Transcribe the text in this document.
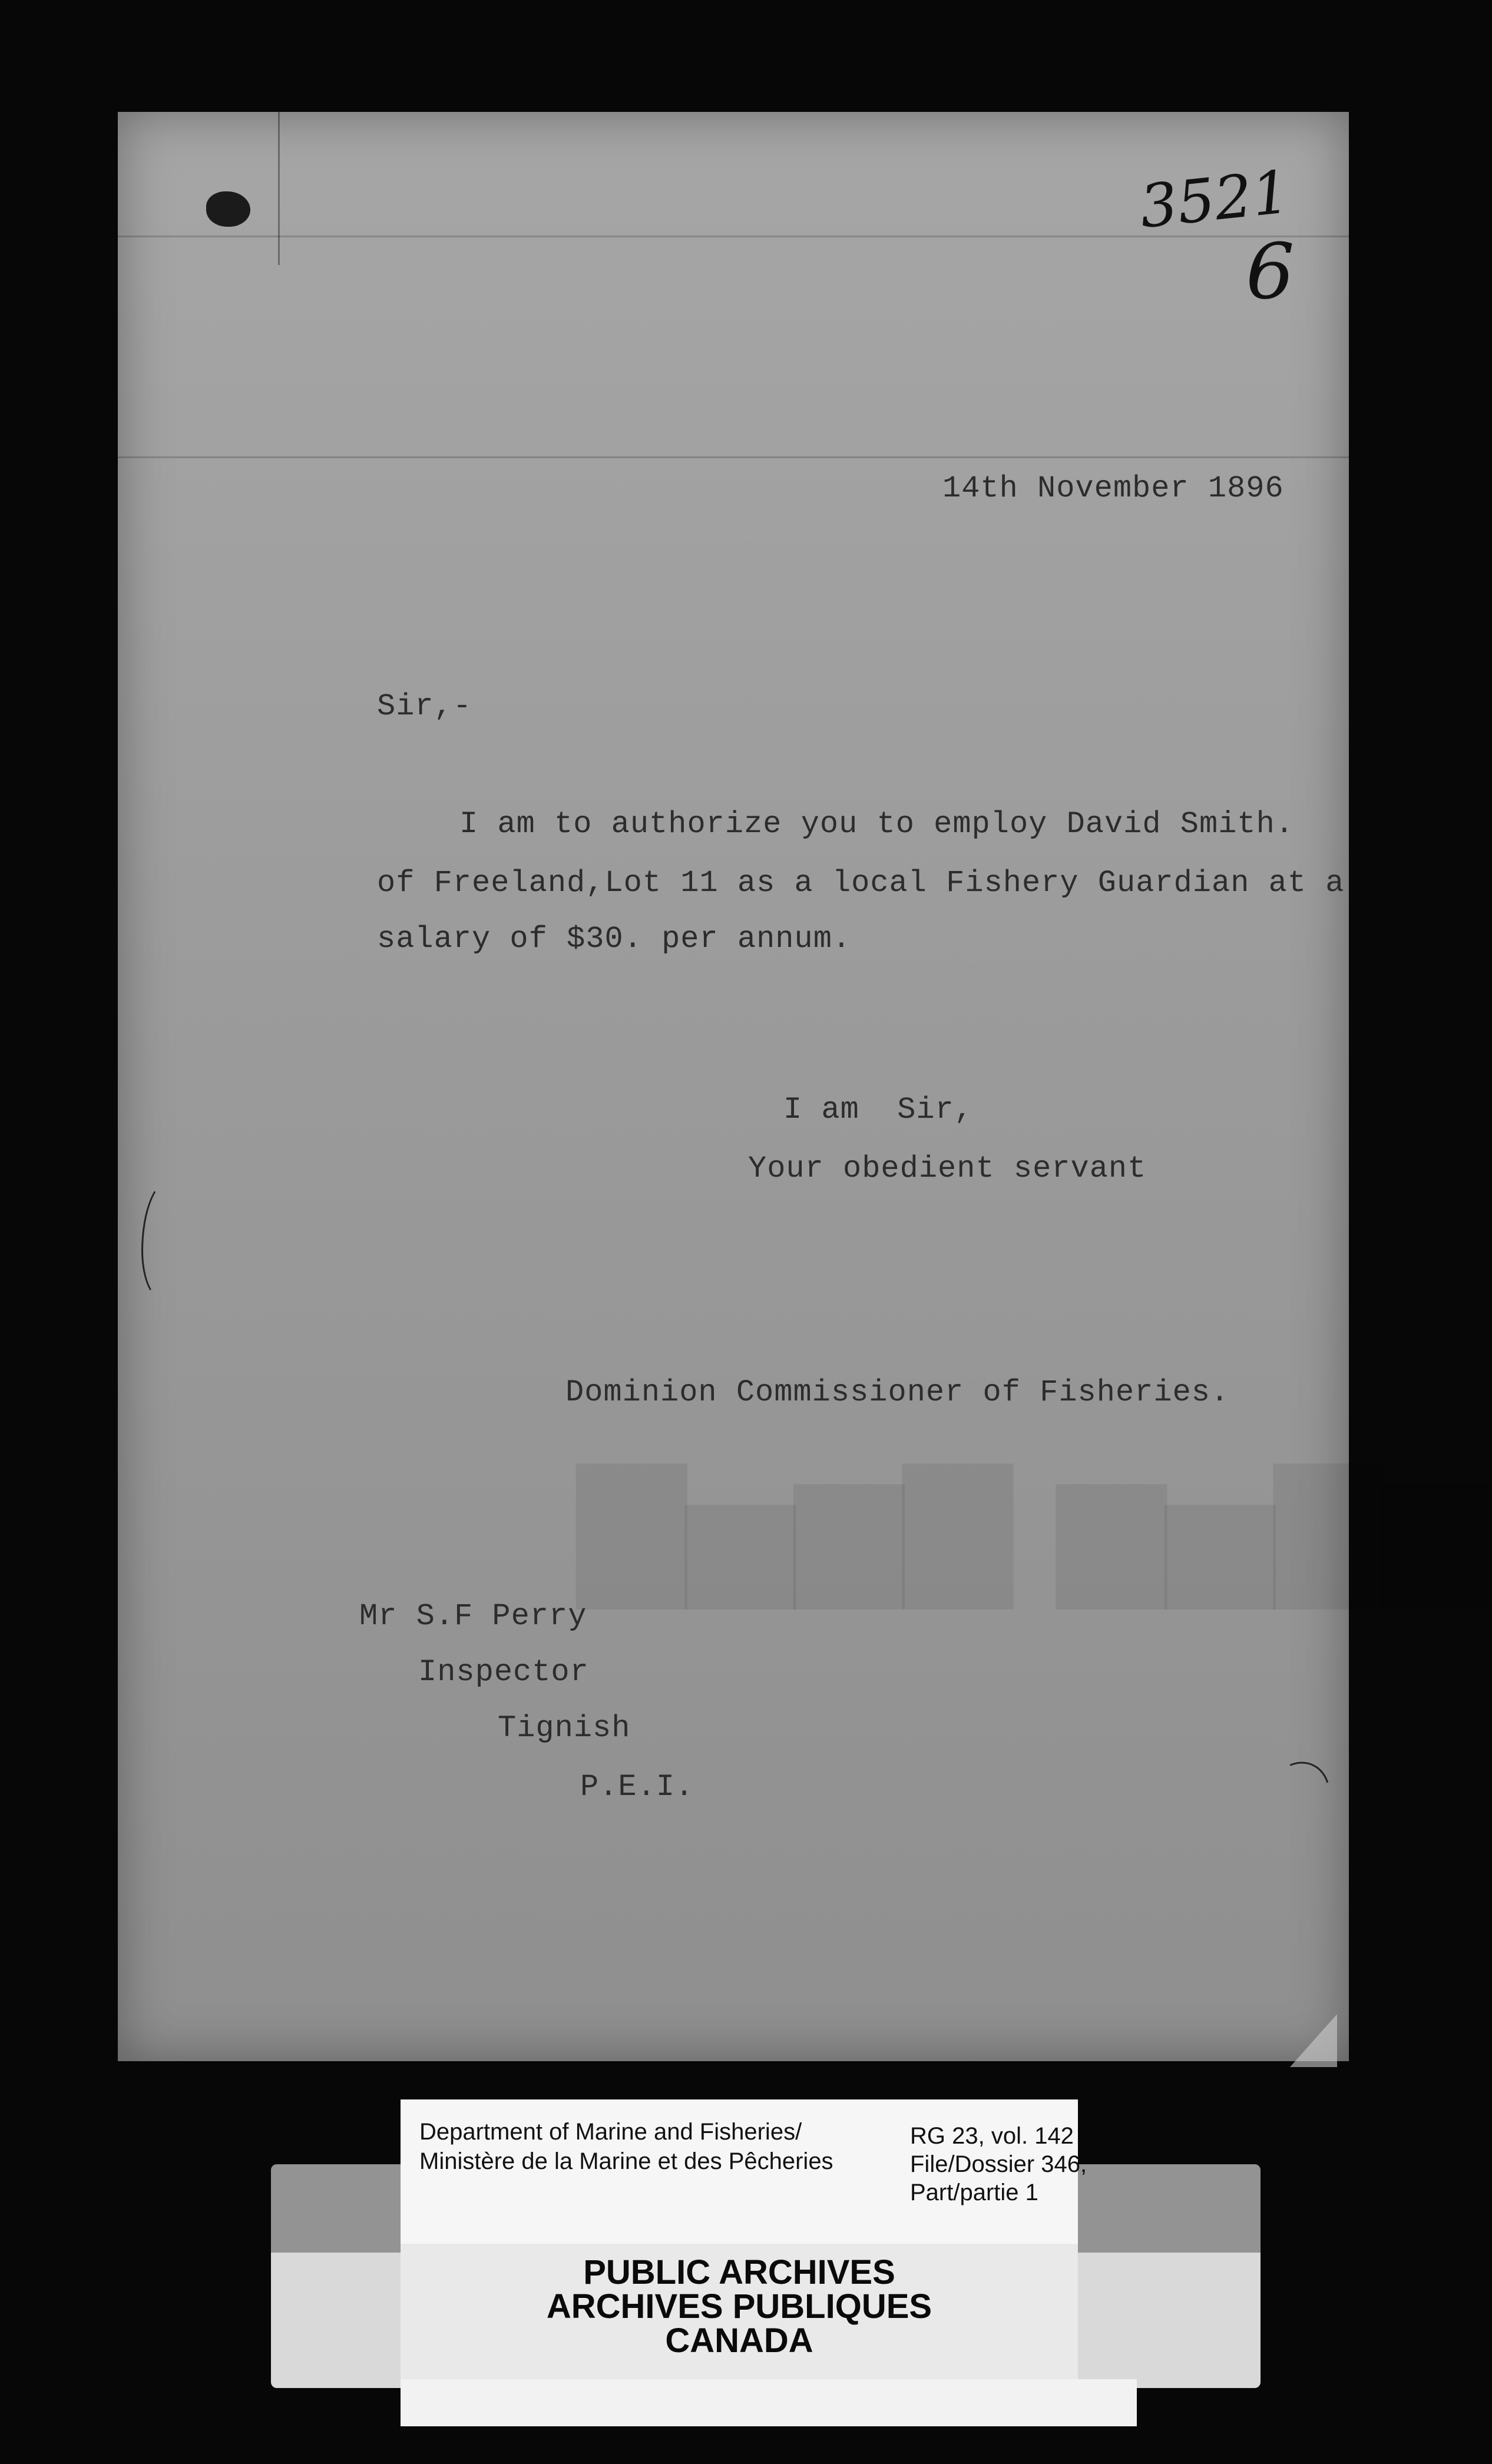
3521
6
14th November 1896
Sir,-
I am to authorize you to employ David Smith.
of Freeland,Lot 11 as a local Fishery Guardian at a
salary of $30. per annum.
I am  Sir,
Your obedient servant
Dominion Commissioner of Fisheries.
▇▅▆▇ ▆▅▇▆
Mr S.F Perry
Inspector
Tignish
P.E.I.
Department of Marine and Fisheries/
Ministère de la Marine et des Pêcheries
RG 23, vol. 142
File/Dossier 346,
Part/partie 1
PUBLIC ARCHIVES
ARCHIVES PUBLIQUES
CANADA
